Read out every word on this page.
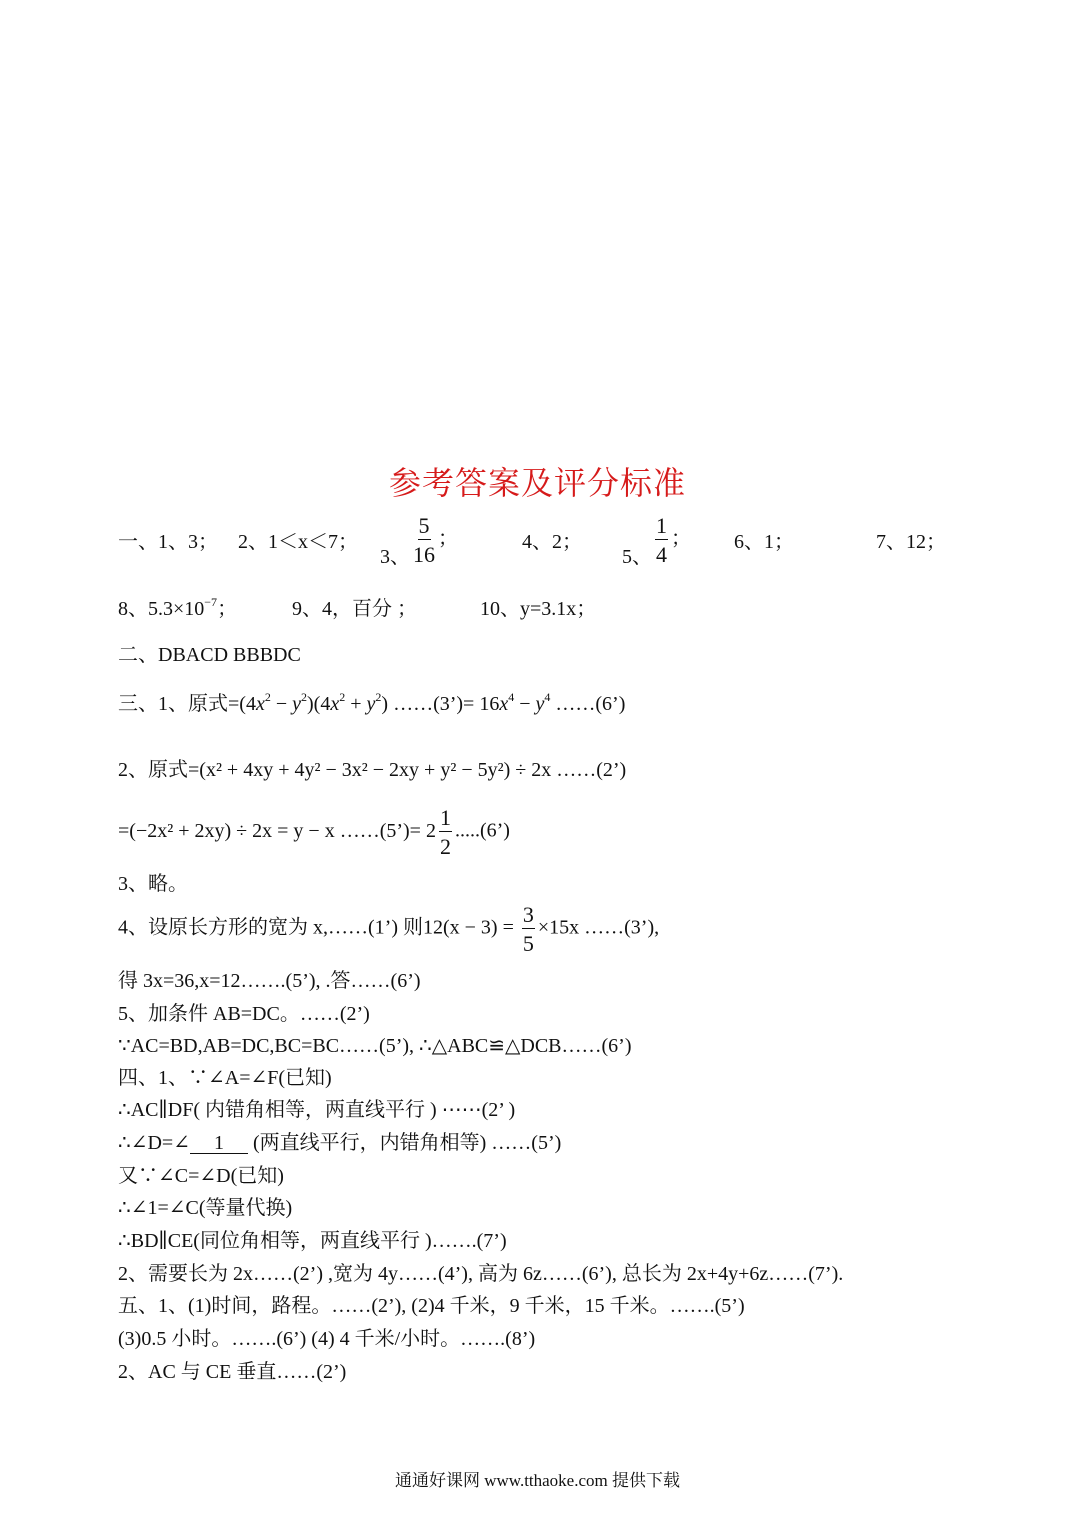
参考答案及评分标准
一、1、3； 2、1＜x＜7；
3、 $\frac{5}{16}$ ；	4、2；
5、 $\frac{1}{4}$ ； 6、1；	7、12；
8、$5.3\times 10^{-7}$；	9、4，百分 ；	10、y=3.1x；
二、DBACD BBBDC
三、1、原式$=(4x^2 - y^2)(4x^2 + y^2)$ ……(3’)= $16x^4 - y^4$ ……(6’)
2、原式=(x² + 4xy + 4y² − 3x² − 2xy + y² − 5y²) ÷ 2x ……(2’)
=(−2x² + 2xy) ÷ 2x = y − x ……(5’)= $2 \frac{1}{2}$ .....(6’)
3、略。
4、设原长方形的宽为 x,……(1’) 则$12(x - 3) = \frac{3}{5} \times 15x$ ……(3’),
得 3x=36,x=12…….(5’), .答……(6’)
5、加条件 AB=DC。……(2’)
∵AC=BD,AB=DC,BC=BC……(5’), ∴△ABC≌△DCB……(6’)
四、1、∵∠A=∠F(已知)
∴AC∥DF( 内错角相等，两直线平行 ) ⋯⋯(2’ )
∴∠D=∠ 1 (两直线平行，内错角相等) ……(5’)
又∵∠C=∠D(已知)
∴∠1=∠C(等量代换)
∴BD∥CE(同位角相等，两直线平行 )…….(7’)
2、需要长为 2x……(2’) ,宽为 4y……(4’), 高为 6z……(6’), 总长为 2x+4y+6z……(7’).
五、1、(1)时间，路程。……(2’), (2)4 千米，9 千米，15 千米。…….(5’)
(3)0.5 小时。…….(6’) (4) 4 千米/小时。…….(8’)
2、AC 与 CE 垂直……(2’)
通通好课网 www.tthaoke.com 提供下载
